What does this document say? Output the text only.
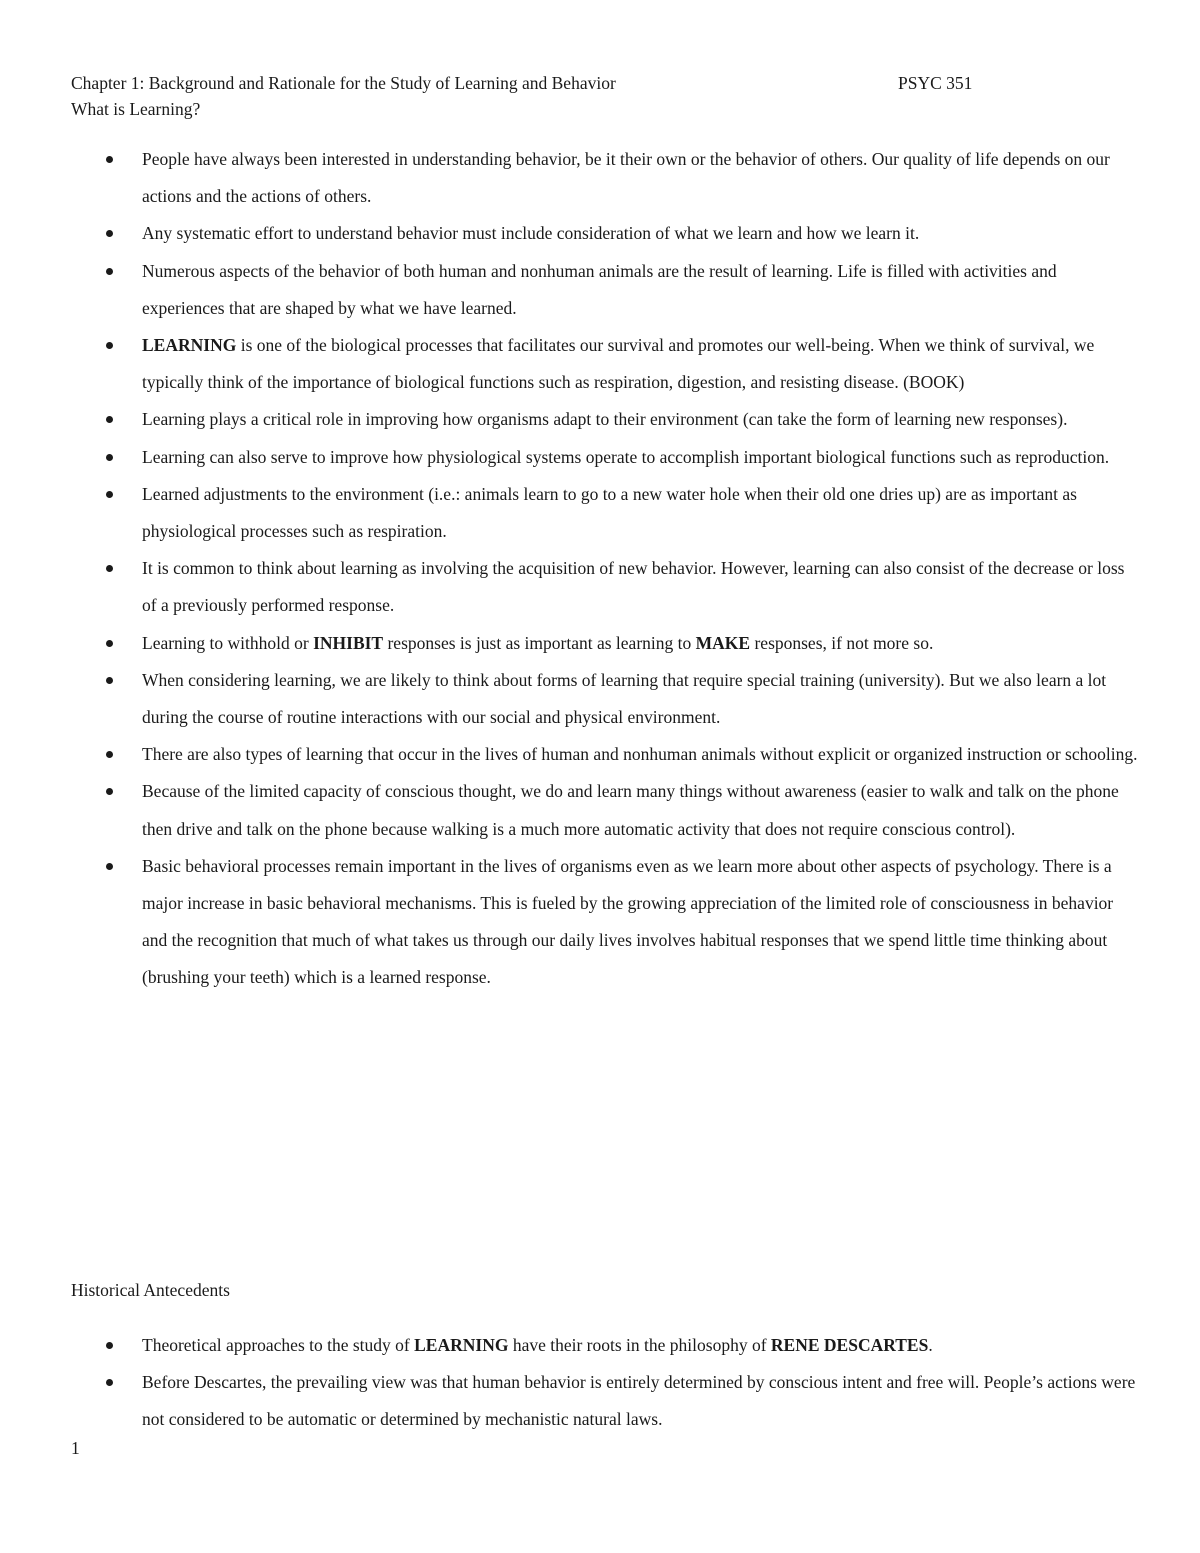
Chapter 1: Background and Rationale for the Study of Learning and Behavior	PSYC 351
What is Learning?
People have always been interested in understanding behavior, be it their own or the behavior of others. Our quality of life depends on our actions and the actions of others.
Any systematic effort to understand behavior must include consideration of what we learn and how we learn it.
Numerous aspects of the behavior of both human and nonhuman animals are the result of learning. Life is filled with activities and experiences that are shaped by what we have learned.
LEARNING is one of the biological processes that facilitates our survival and promotes our well-being. When we think of survival, we typically think of the importance of biological functions such as respiration, digestion, and resisting disease. (BOOK)
Learning plays a critical role in improving how organisms adapt to their environment (can take the form of learning new responses).
Learning can also serve to improve how physiological systems operate to accomplish important biological functions such as reproduction.
Learned adjustments to the environment (i.e.: animals learn to go to a new water hole when their old one dries up) are as important as physiological processes such as respiration.
It is common to think about learning as involving the acquisition of new behavior. However, learning can also consist of the decrease or loss of a previously performed response.
Learning to withhold or INHIBIT responses is just as important as learning to MAKE responses, if not more so.
When considering learning, we are likely to think about forms of learning that require special training (university). But we also learn a lot during the course of routine interactions with our social and physical environment.
There are also types of learning that occur in the lives of human and nonhuman animals without explicit or organized instruction or schooling.
Because of the limited capacity of conscious thought, we do and learn many things without awareness (easier to walk and talk on the phone then drive and talk on the phone because walking is a much more automatic activity that does not require conscious control).
Basic behavioral processes remain important in the lives of organisms even as we learn more about other aspects of psychology. There is a major increase in basic behavioral mechanisms. This is fueled by the growing appreciation of the limited role of consciousness in behavior and the recognition that much of what takes us through our daily lives involves habitual responses that we spend little time thinking about (brushing your teeth) which is a learned response.
Historical Antecedents
Theoretical approaches to the study of LEARNING have their roots in the philosophy of RENE DESCARTES.
Before Descartes, the prevailing view was that human behavior is entirely determined by conscious intent and free will. People’s actions were not considered to be automatic or determined by mechanistic natural laws.
1
